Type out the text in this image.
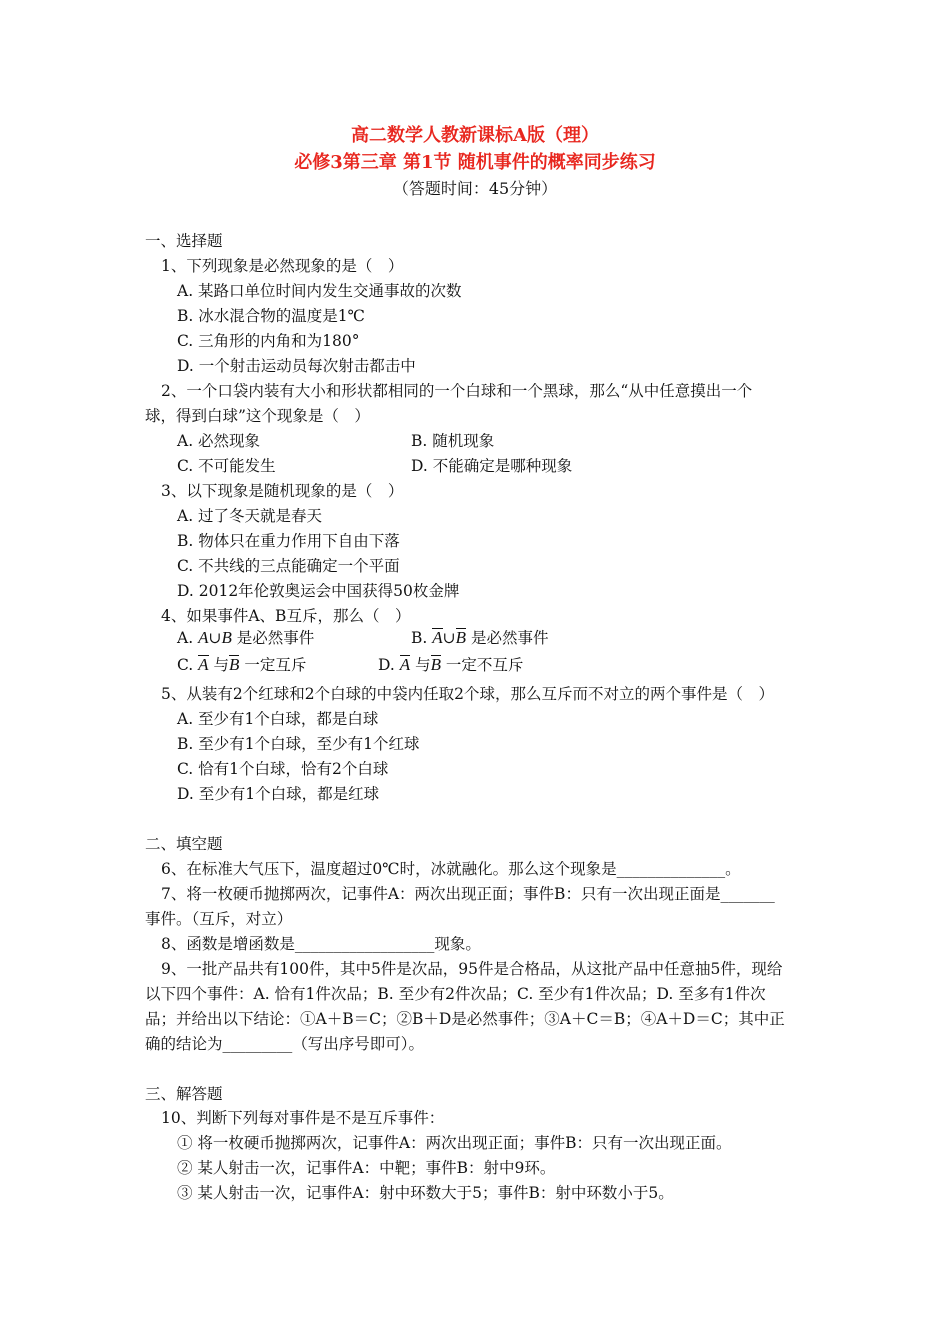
高二数学人教新课标A版（理）
必修3第三章 第1节 随机事件的概率同步练习
（答题时间：45分钟）
一、选择题
1、下列现象是必然现象的是（　）
A. 某路口单位时间内发生交通事故的次数
B. 冰水混合物的温度是1℃
C. 三角形的内角和为180°
D. 一个射击运动员每次射击都击中
2、一个口袋内装有大小和形状都相同的一个白球和一个黑球，那么“从中任意摸出一个
球，得到白球”这个现象是（　）
A. 必然现象	B. 随机现象
C. 不可能发生	D. 不能确定是哪种现象
3、以下现象是随机现象的是（　）
A. 过了冬天就是春天
B. 物体只在重力作用下自由下落
C. 不共线的三点能确定一个平面
D. 2012年伦敦奥运会中国获得50枚金牌
4、如果事件A、B互斥，那么（　）
A. A∪B 是必然事件	B. A∪B 是必然事件
C. A 与B 一定互斥	D. A 与B 一定不互斥
5、从装有2个红球和2个白球的中袋内任取2个球，那么互斥而不对立的两个事件是（　）
A. 至少有1个白球，都是白球
B. 至少有1个白球，至少有1个红球
C. 恰有1个白球，恰有2个白球
D. 至少有1个白球，都是红球
二、填空题
6、在标准大气压下，温度超过0℃时，冰就融化。那么这个现象是______________。
7、将一枚硬币抛掷两次，记事件A：两次出现正面；事件B：只有一次出现正面是_______
事件。（互斥，对立）
8、函数是增函数是__________________现象。
9、一批产品共有100件，其中5件是次品，95件是合格品，从这批产品中任意抽5件，现给
以下四个事件：A. 恰有1件次品；B. 至少有2件次品；C. 至少有1件次品；D. 至多有1件次
品；并给出以下结论：①A＋B＝C；②B＋D是必然事件；③A＋C＝B；④A＋D＝C；其中正
确的结论为_________（写出序号即可）。
三、解答题
10、判断下列每对事件是不是互斥事件：
① 将一枚硬币抛掷两次，记事件A：两次出现正面；事件B：只有一次出现正面。
② 某人射击一次，记事件A：中靶；事件B：射中9环。
③ 某人射击一次，记事件A：射中环数大于5；事件B：射中环数小于5。
